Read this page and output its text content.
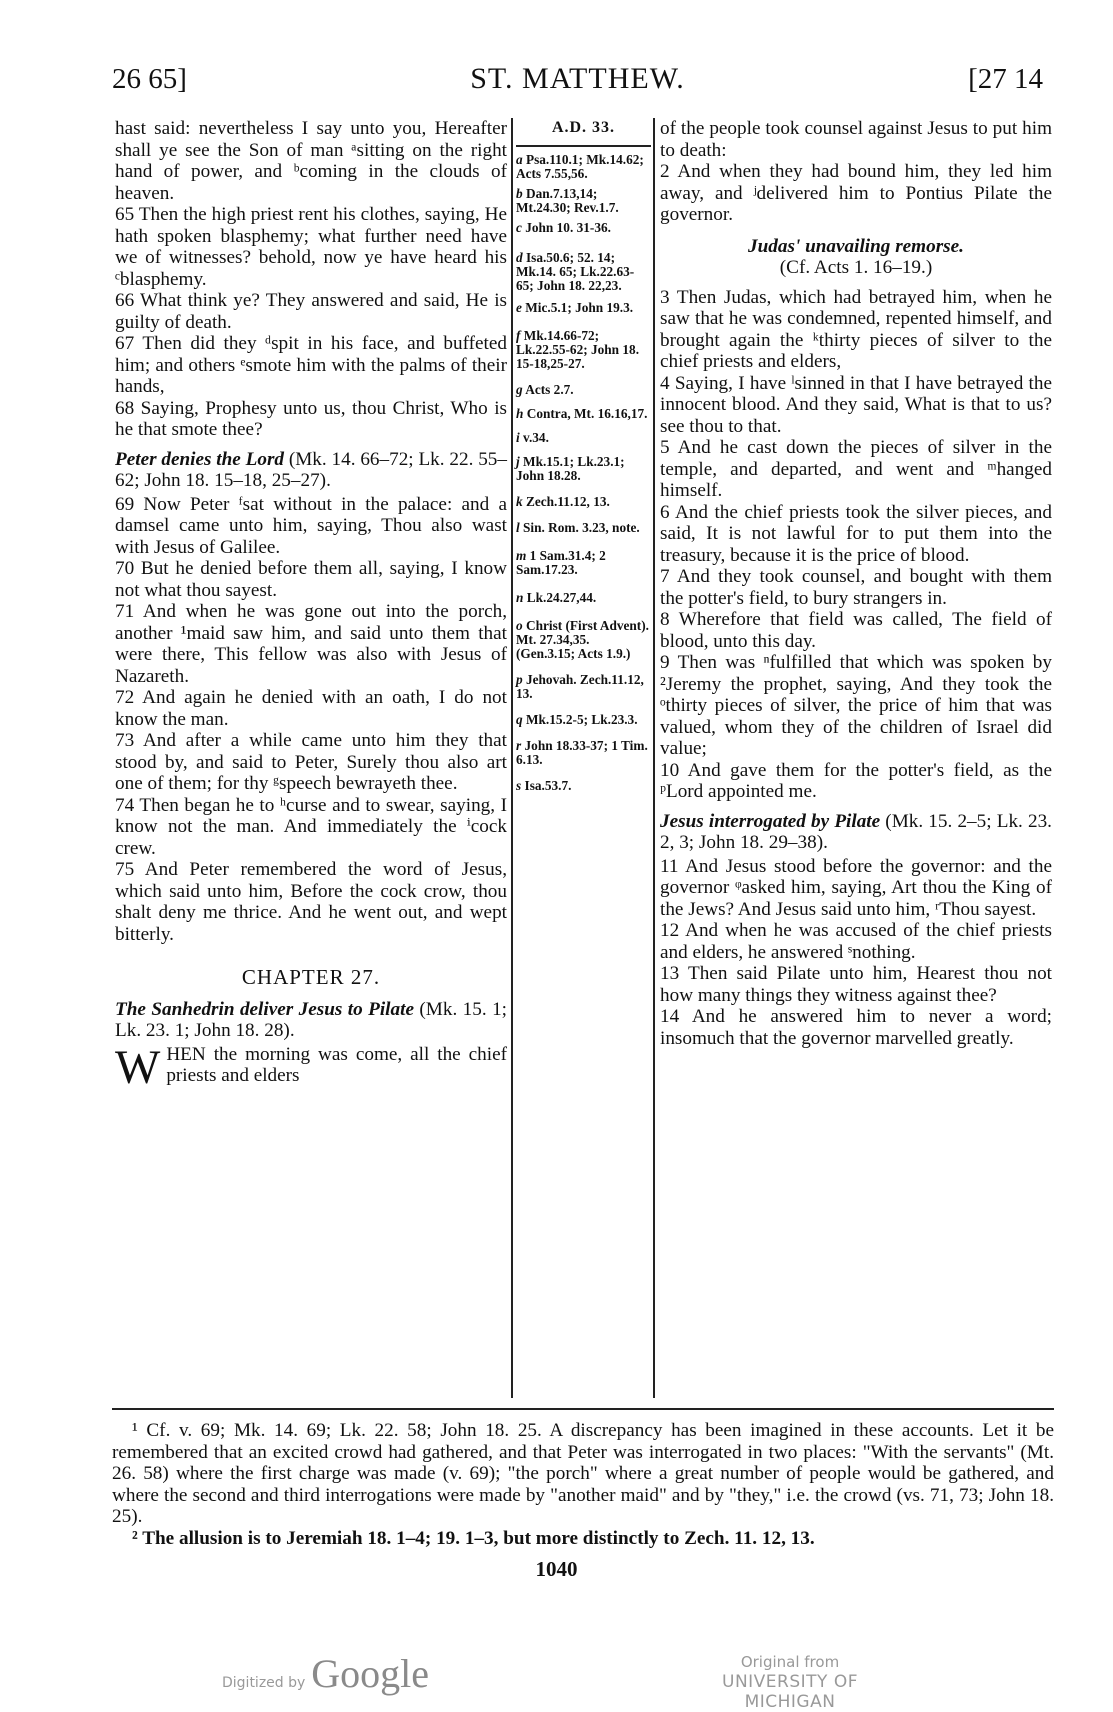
26 65]	ST. MATTHEW.	[27 14

hast said: nevertheless I say unto you, Hereafter shall ye see the Son of man ᵃsitting on the right hand of power, and ᵇcoming in the clouds of heaven.

65 Then the high priest rent his clothes, saying, He hath spoken blasphemy; what further need have we of witnesses? behold, now ye have heard his ᶜblasphemy.

66 What think ye? They answered and said, He is guilty of death.

67 Then did they ᵈspit in his face, and buffeted him; and others ᵉsmote him with the palms of their hands,

68 Saying, Prophesy unto us, thou Christ, Who is he that smote thee?

Peter denies the Lord (Mk. 14. 66–72; Lk. 22. 55–62; John 18. 15–18, 25–27).

69 Now Peter ᶠsat without in the palace: and a damsel came unto him, saying, Thou also wast with Jesus of Galilee.

70 But he denied before them all, saying, I know not what thou sayest.

71 And when he was gone out into the porch, another ¹maid saw him, and said unto them that were there, This fellow was also with Jesus of Nazareth.

72 And again he denied with an oath, I do not know the man.

73 And after a while came unto him they that stood by, and said to Peter, Surely thou also art one of them; for thy ᵍspeech bewrayeth thee.

74 Then began he to ʰcurse and to swear, saying, I know not the man. And immediately the ⁱcock crew.

75 And Peter remembered the word of Jesus, which said unto him, Before the cock crow, thou shalt deny me thrice. And he went out, and wept bitterly.

CHAPTER 27.

The Sanhedrin deliver Jesus to Pilate (Mk. 15. 1; Lk. 23. 1; John 18. 28).

WHEN the morning was come, all the chief priests and elders

A.D. 33.
a Psa.110.1; Mk.14.62; Acts 7.55,56.
b Dan.7.13,14; Mt.24.30; Rev.1.7.
c John 10. 31-36.
d Isa.50.6; 52. 14; Mk.14. 65; Lk.22.63-65; John 18. 22,23.
e Mic.5.1; John 19.3.
f Mk.14.66-72; Lk.22.55-62; John 18. 15-18,25-27.
g Acts 2.7.
h Contra, Mt. 16.16,17.
i v.34.
j Mk.15.1; Lk.23.1; John 18.28.
k Zech.11.12, 13.
l Sin. Rom. 3.23, note.
m 1 Sam.31.4; 2 Sam.17.23.
n Lk.24.27,44.
o Christ (First Advent). Mt. 27.34,35. (Gen.3.15; Acts 1.9.)
p Jehovah. Zech.11.12, 13.
q Mk.15.2-5; Lk.23.3.
r John 18.33-37; 1 Tim. 6.13.
s Isa.53.7.

of the people took counsel against Jesus to put him to death:

2 And when they had bound him, they led him away, and ʲdelivered him to Pontius Pilate the governor.

Judas' unavailing remorse.
(Cf. Acts 1. 16–19.)

3 Then Judas, which had betrayed him, when he saw that he was condemned, repented himself, and brought again the ᵏthirty pieces of silver to the chief priests and elders,

4 Saying, I have ˡsinned in that I have betrayed the innocent blood. And they said, What is that to us? see thou to that.

5 And he cast down the pieces of silver in the temple, and departed, and went and ᵐhanged himself.

6 And the chief priests took the silver pieces, and said, It is not lawful for to put them into the treasury, because it is the price of blood.

7 And they took counsel, and bought with them the potter's field, to bury strangers in.

8 Wherefore that field was called, The field of blood, unto this day.

9 Then was ⁿfulfilled that which was spoken by ²Jeremy the prophet, saying, And they took the ᵒthirty pieces of silver, the price of him that was valued, whom they of the children of Israel did value;

10 And gave them for the potter's field, as the ᵖLord appointed me.

Jesus interrogated by Pilate (Mk. 15. 2–5; Lk. 23. 2, 3; John 18. 29–38).

11 And Jesus stood before the governor: and the governor ᵠasked him, saying, Art thou the King of the Jews? And Jesus said unto him, ʳThou sayest.

12 And when he was accused of the chief priests and elders, he answered ˢnothing.

13 Then said Pilate unto him, Hearest thou not how many things they witness against thee?

14 And he answered him to never a word; insomuch that the governor marvelled greatly.

¹ Cf. v. 69; Mk. 14. 69; Lk. 22. 58; John 18. 25. A discrepancy has been imagined in these accounts. Let it be remembered that an excited crowd had gathered, and that Peter was interrogated in two places: "With the servants" (Mt. 26. 58) where the first charge was made (v. 69); "the porch" where a great number of people would be gathered, and where the second and third interrogations were made by "another maid" and by "they," i.e. the crowd (vs. 71, 73; John 18. 25).

² The allusion is to Jeremiah 18. 1–4; 19. 1–3, but more distinctly to Zech. 11. 12, 13.

1040
Digitized by Google	Original from
UNIVERSITY OF MICHIGAN
